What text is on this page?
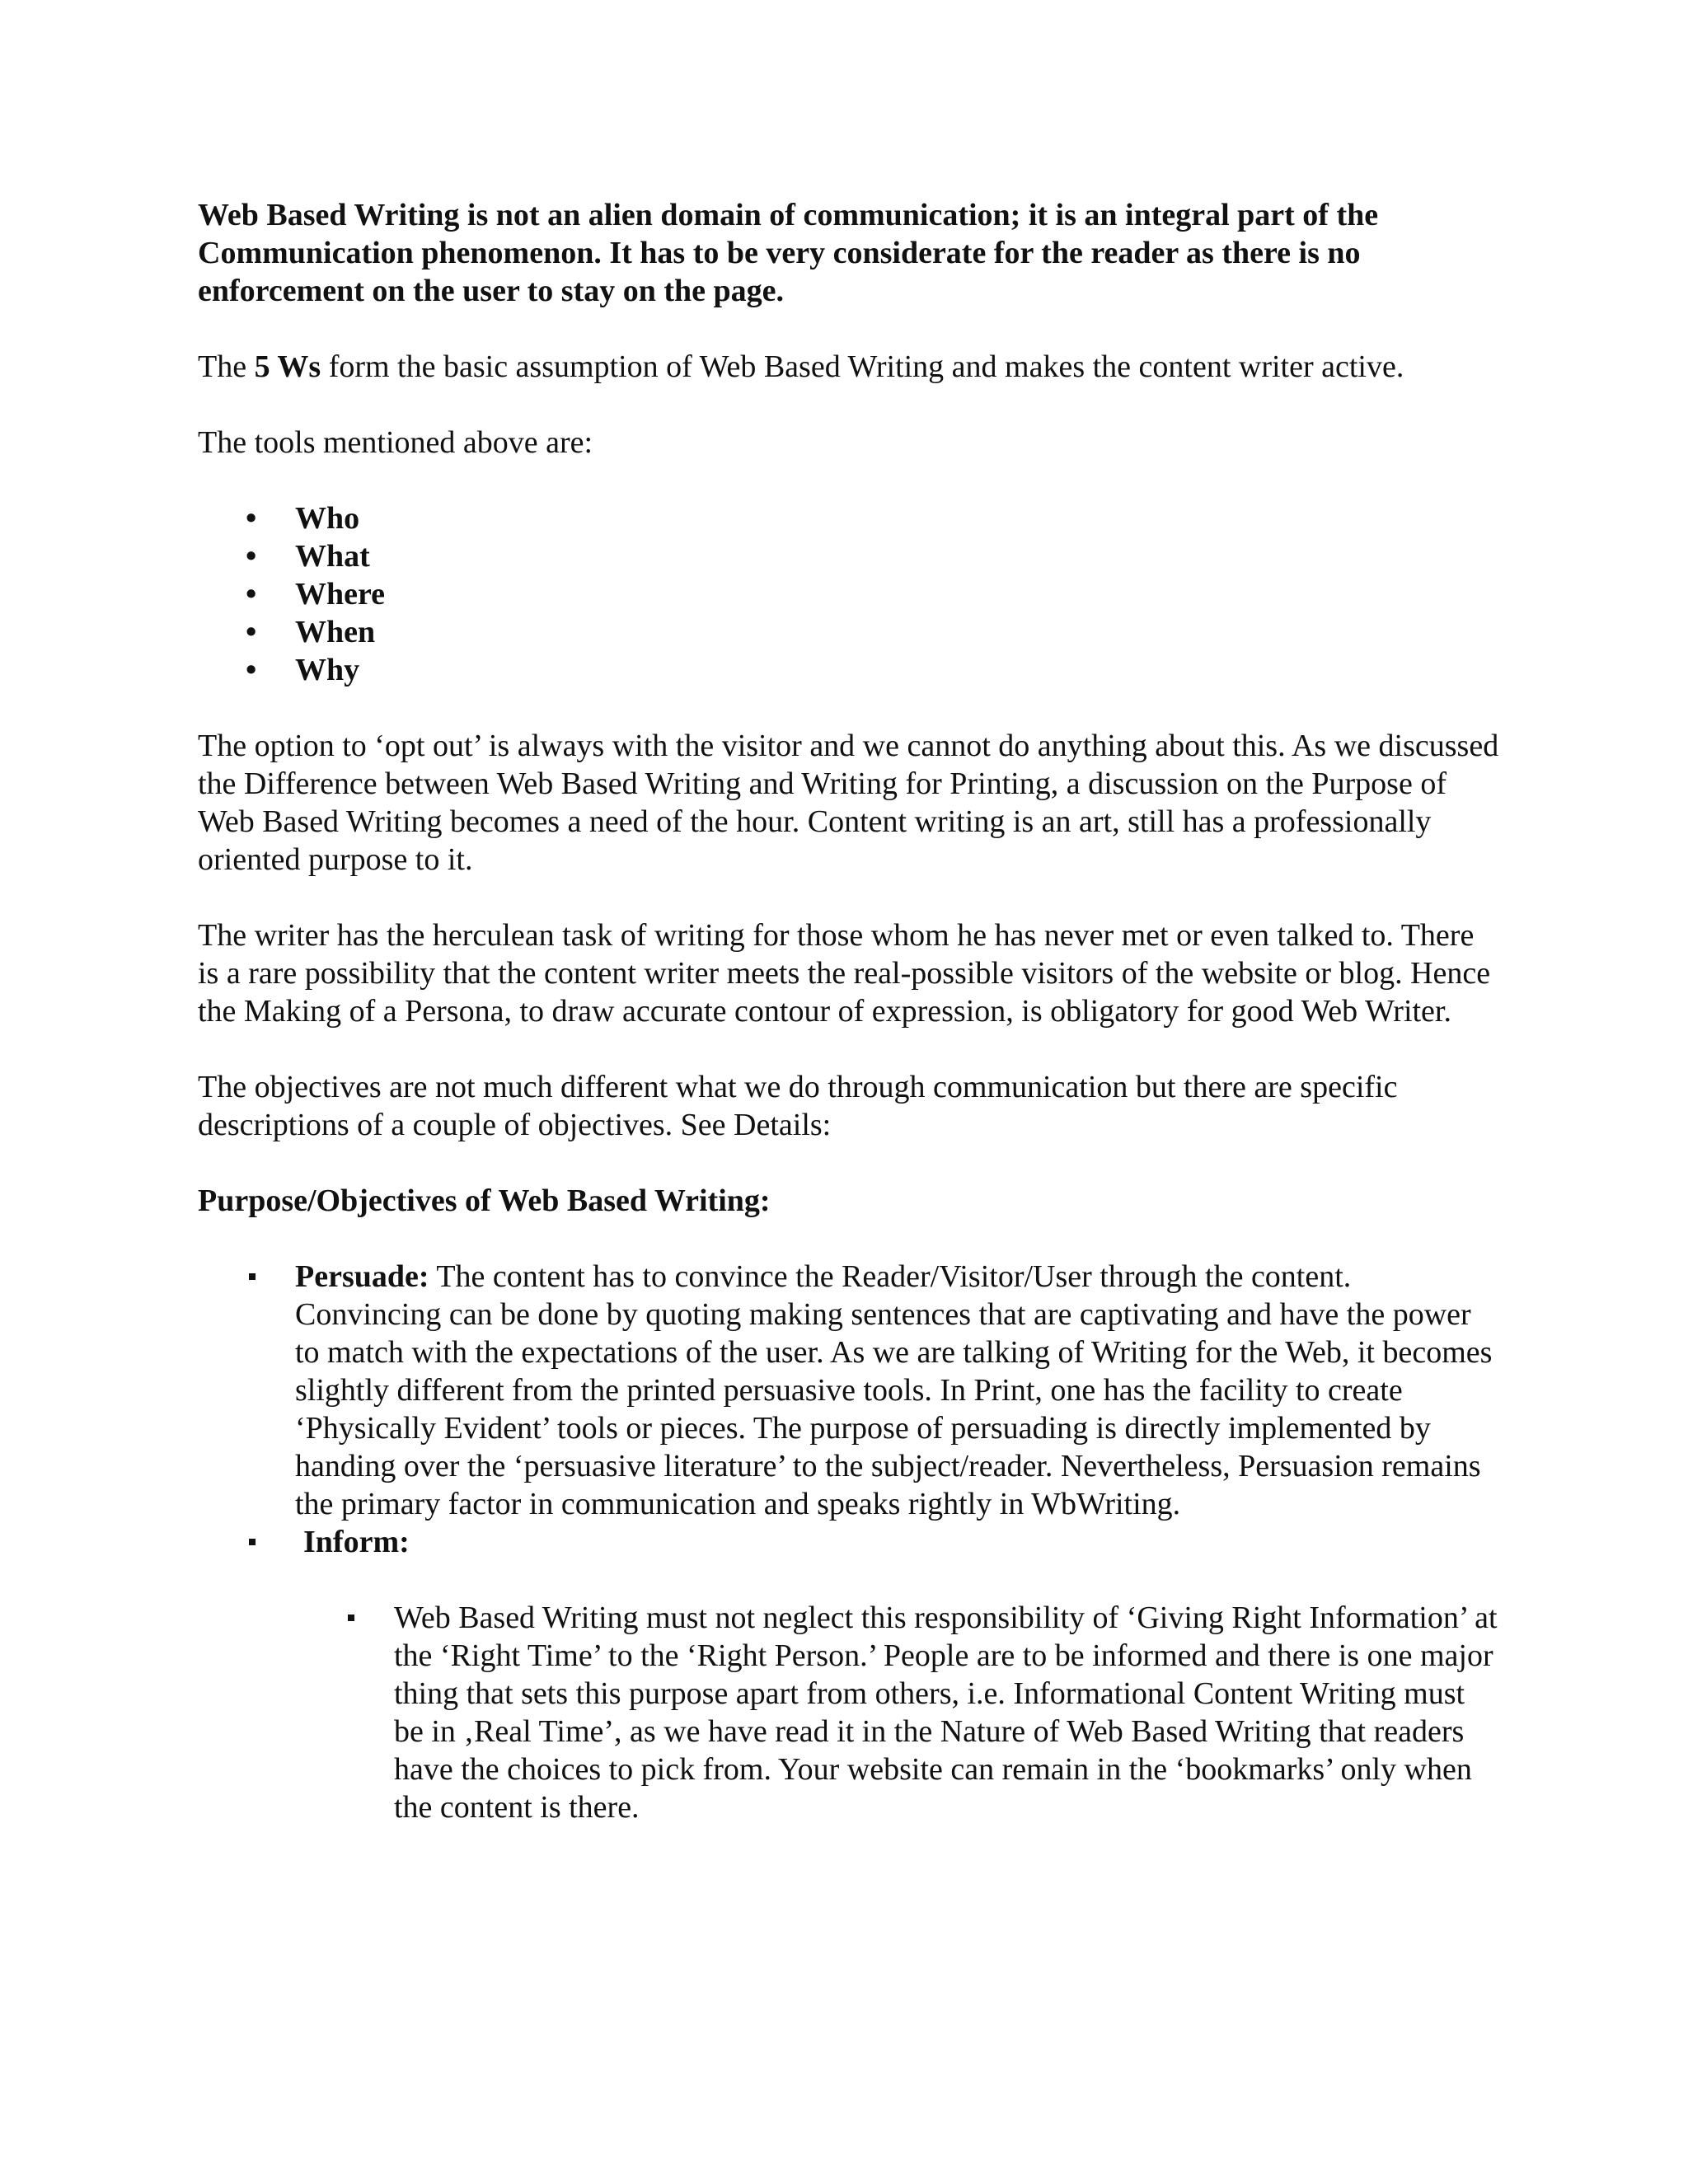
Web Based Writing is not an alien domain of communication; it is an integral part of the Communication phenomenon. It has to be very considerate for the reader as there is no enforcement on the user to stay on the page.

The 5 Ws form the basic assumption of Web Based Writing and makes the content writer active.

The tools mentioned above are:

• Who
• What
• Where
• When
• Why

The option to ‘opt out’ is always with the visitor and we cannot do anything about this. As we discussed the Difference between Web Based Writing and Writing for Printing, a discussion on the Purpose of Web Based Writing becomes a need of the hour. Content writing is an art, still has a professionally oriented purpose to it.

The writer has the herculean task of writing for those whom he has never met or even talked to. There is a rare possibility that the content writer meets the real-possible visitors of the website or blog. Hence the Making of a Persona, to draw accurate contour of expression, is obligatory for good Web Writer.

The objectives are not much different what we do through communication but there are specific descriptions of a couple of objectives. See Details:

Purpose/Objectives of Web Based Writing:

Persuade: The content has to convince the Reader/Visitor/User through the content. Convincing can be done by quoting making sentences that are captivating and have the power to match with the expectations of the user. As we are talking of Writing for the Web, it becomes slightly different from the printed persuasive tools. In Print, one has the facility to create ‘Physically Evident’ tools or pieces. The purpose of persuading is directly implemented by handing over the ‘persuasive literature’ to the subject/reader. Nevertheless, Persuasion remains the primary factor in communication and speaks rightly in WbWriting.
Inform:
Web Based Writing must not neglect this responsibility of ‘Giving Right Information’ at the ‘Right Time’ to the ‘Right Person.’ People are to be informed and there is one major thing that sets this purpose apart from others, i.e. Informational Content Writing must be in ‚Real Time’, as we have read it in the Nature of Web Based Writing that readers have the choices to pick from. Your website can remain in the ‘bookmarks’ only when the content is there.
